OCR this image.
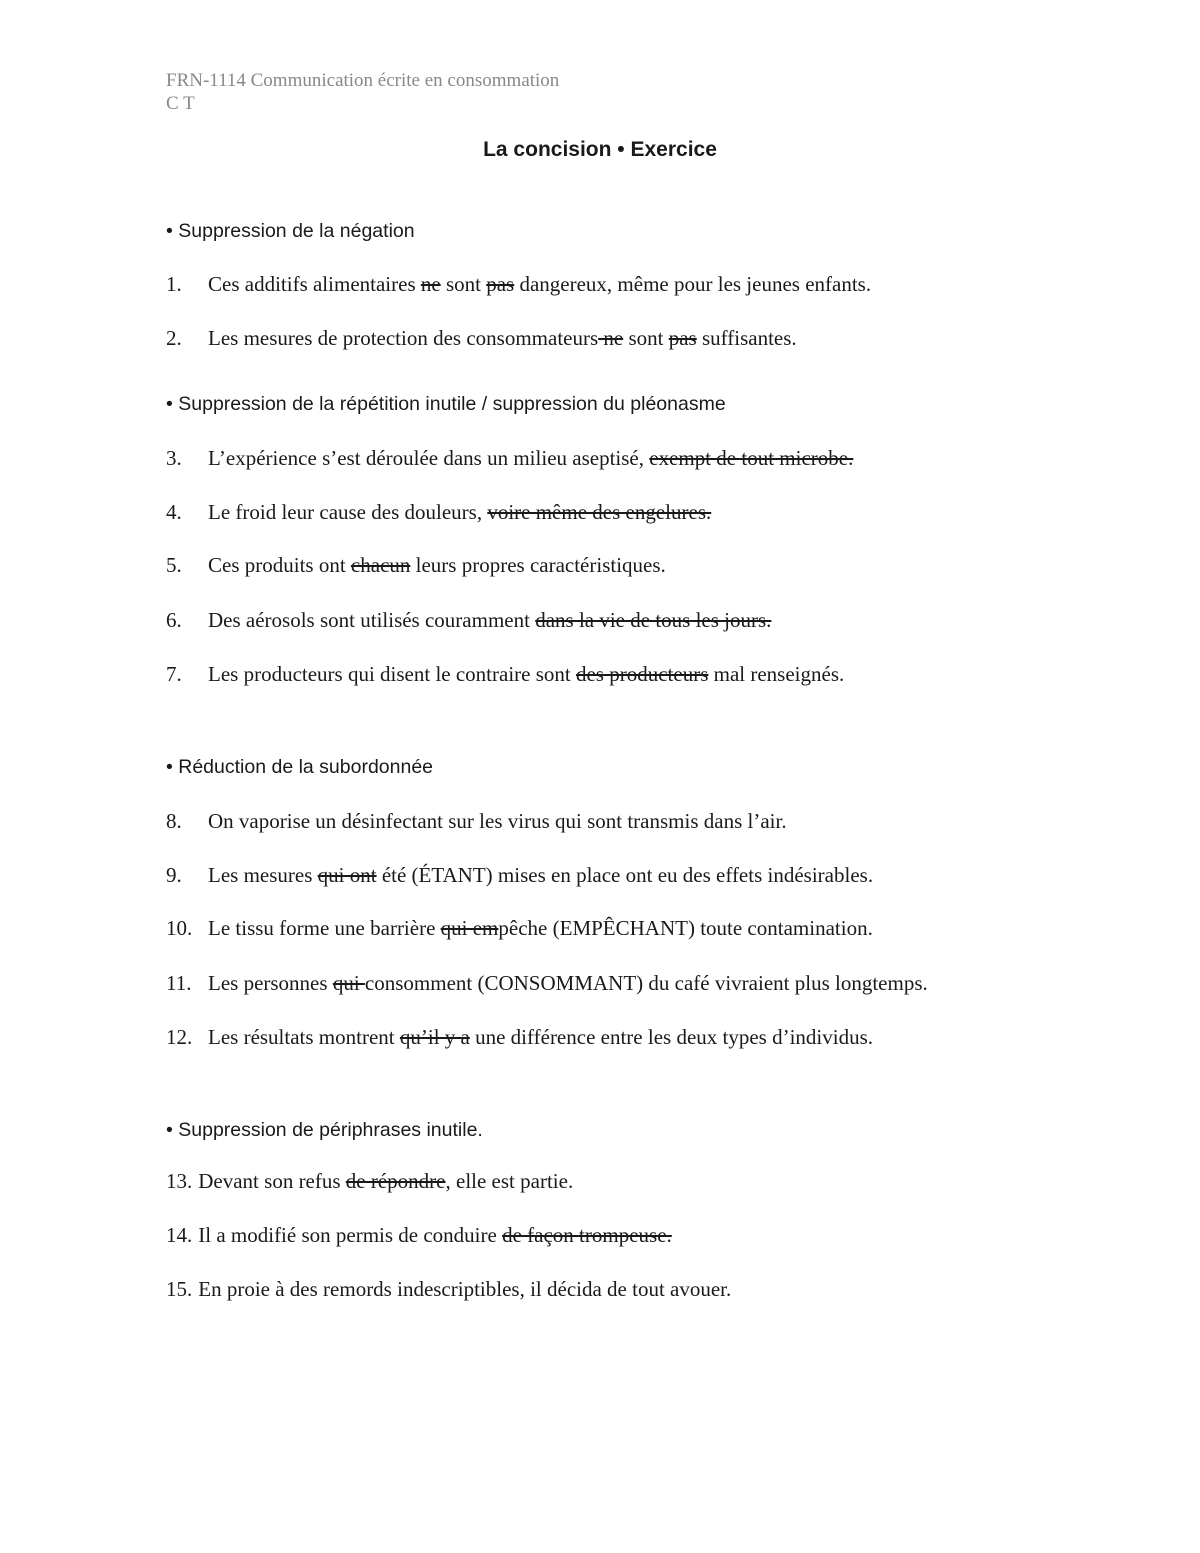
FRN-1114 Communication écrite en consommation
C T
La concision • Exercice
• Suppression de la négation
• Suppression de la répétition inutile / suppression du pléonasme
• Réduction de la subordonnée
• Suppression de périphrases inutile.
1. Ces additifs alimentaires ne sont pas dangereux, même pour les jeunes enfants.
2. Les mesures de protection des consommateurs ne sont pas suffisantes.
3. L’expérience s’est déroulée dans un milieu aseptisé, exempt de tout microbe.
4. Le froid leur cause des douleurs, voire même des engelures.
5. Ces produits ont chacun leurs propres caractéristiques.
6. Des aérosols sont utilisés couramment dans la vie de tous les jours.
7. Les producteurs qui disent le contraire sont des producteurs mal renseignés.
8. On vaporise un désinfectant sur les virus qui sont transmis dans l’air.
9. Les mesures qui ont été (ÉTANT) mises en place ont eu des effets indésirables.
10. Le tissu forme une barrière qui empêche (EMPÊCHANT) toute contamination.
11. Les personnes qui consomment (CONSOMMANT) du café vivraient plus longtemps.
12. Les résultats montrent qu’il y a une différence entre les deux types d’individus.
13. Devant son refus de répondre, elle est partie.
14. Il a modifié son permis de conduire de façon trompeuse.
15. En proie à des remords indescriptibles, il décida de tout avouer.
